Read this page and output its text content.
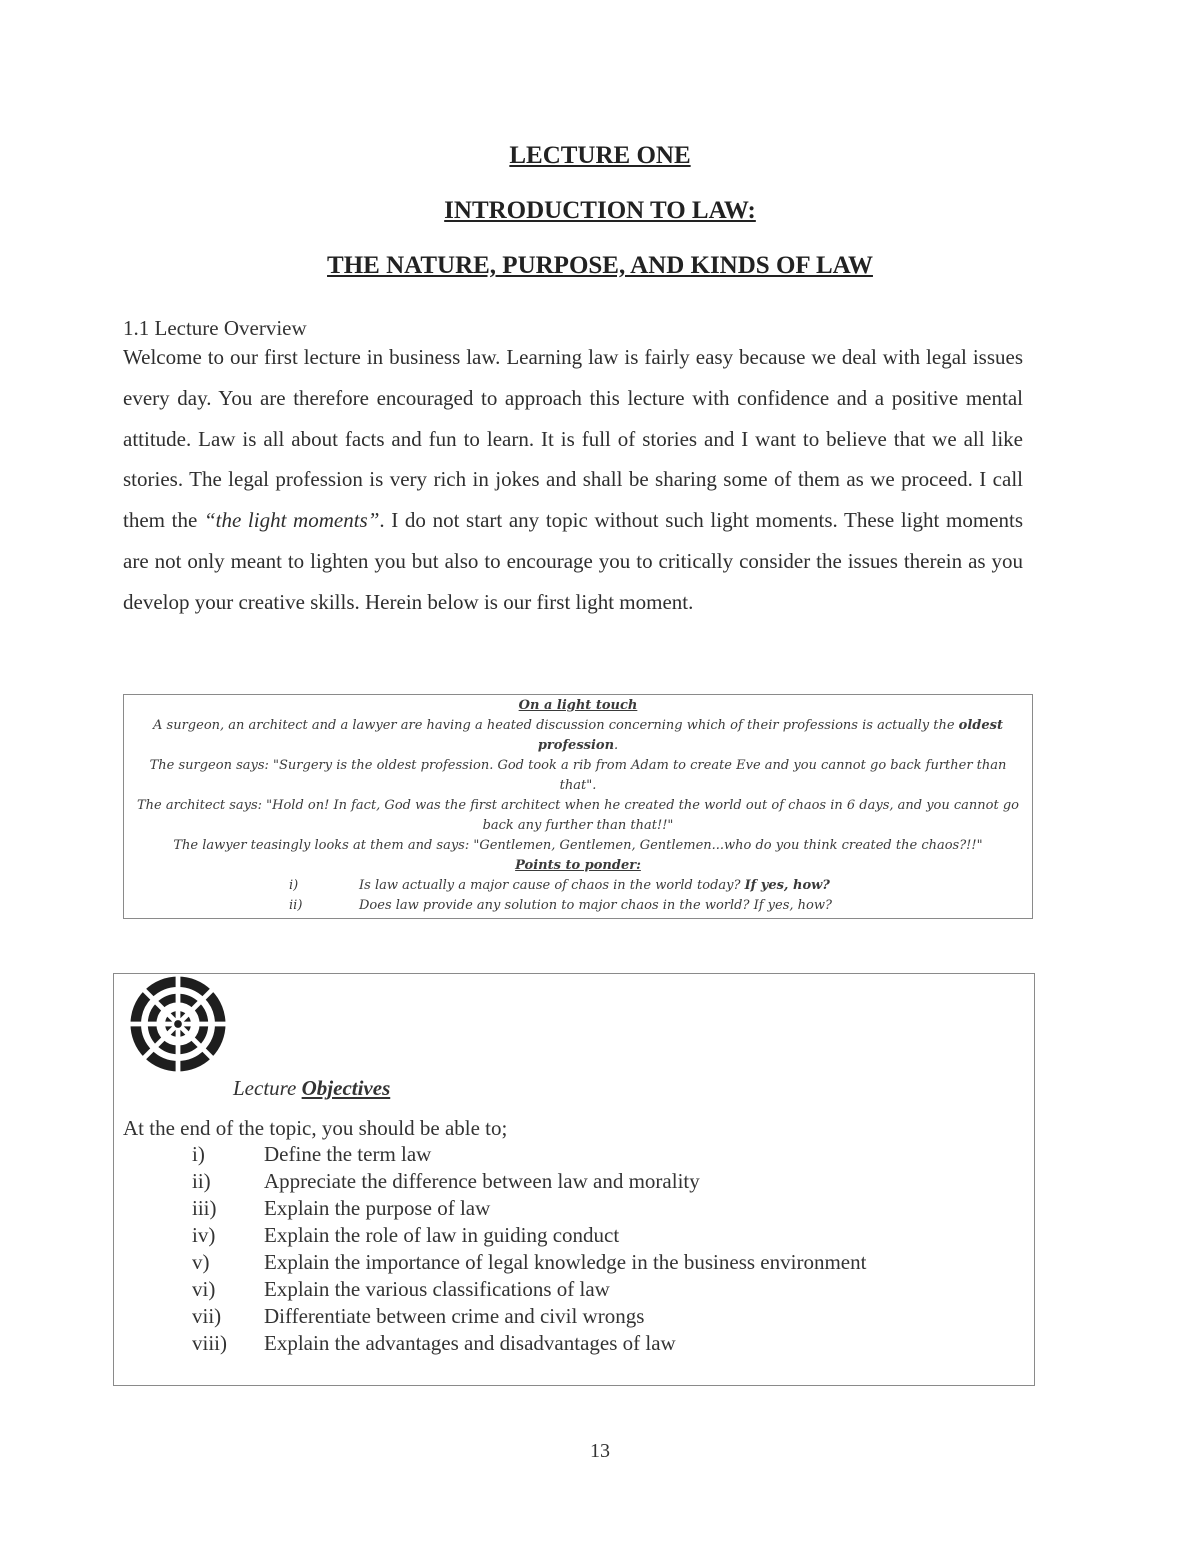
LECTURE ONE
INTRODUCTION TO LAW:
THE NATURE, PURPOSE, AND KINDS OF LAW
1.1 Lecture Overview
Welcome to our first lecture in business law. Learning law is fairly easy because we deal with legal issues every day. You are therefore encouraged to approach this lecture with confidence and a positive mental attitude. Law is all about facts and fun to learn. It is full of stories and I want to believe that we all like stories. The legal profession is very rich in jokes and shall be sharing some of them as we proceed. I call them the “the light moments”. I do not start any topic without such light moments. These light moments are not only meant to lighten you but also to encourage you to critically consider the issues therein as you develop your creative skills. Herein below is our first light moment.

On a light touch

A surgeon, an architect and a lawyer are having a heated discussion concerning which of their professions is actually the oldest profession.

The surgeon says: "Surgery is the oldest profession. God took a rib from Adam to create Eve and you cannot go back further than that".

The architect says: "Hold on! In fact, God was the first architect when he created the world out of chaos in 6 days, and you cannot go back any further than that!!"

The lawyer teasingly looks at them and says: "Gentlemen, Gentlemen, Gentlemen...who do you think created the chaos?!!"

Points to ponder:

i)	Is law actually a major cause of chaos in the world today? If yes, how?
ii)	Does law provide any solution to major chaos in the world? If yes, how?
Lecture Objectives
At the end of the topic, you should be able to;
i)	Define the term law
ii)	Appreciate the difference between law and morality
iii) Explain the purpose of law
iv) Explain the role of law in guiding conduct
v)	Explain the importance of legal knowledge in the business environment
vi) Explain the various classifications of law
vii) Differentiate between crime and civil wrongs
viii) Explain the advantages and disadvantages of law
13
